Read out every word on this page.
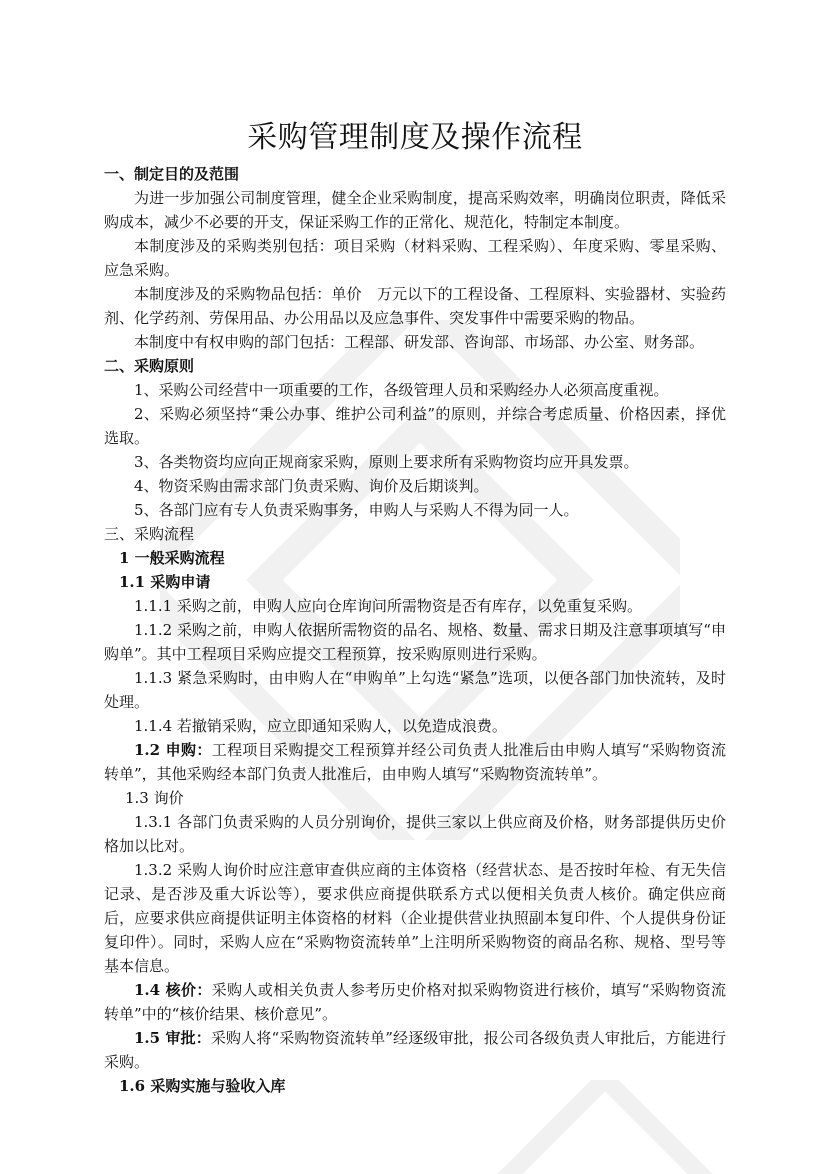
采购管理制度及操作流程

一、制定目的及范围

为进一步加强公司制度管理，健全企业采购制度，提高采购效率，明确岗位职责，降低采购成本，减少不必要的开支，保证采购工作的正常化、规范化，特制定本制度。

本制度涉及的采购类别包括：项目采购（材料采购、工程采购）、年度采购、零星采购、应急采购。

本制度涉及的采购物品包括：单价　万元以下的工程设备、工程原料、实验器材、实验药剂、化学药剂、劳保用品、办公用品以及应急事件、突发事件中需要采购的物品。

本制度中有权申购的部门包括：工程部、研发部、咨询部、市场部、办公室、财务部。

二、采购原则

1、采购公司经营中一项重要的工作，各级管理人员和采购经办人必须高度重视。

2、采购必须坚持“秉公办事、维护公司利益”的原则，并综合考虑质量、价格因素，择优选取。

3、各类物资均应向正规商家采购，原则上要求所有采购物资均应开具发票。

4、物资采购由需求部门负责采购、询价及后期谈判。

5、各部门应有专人负责采购事务，申购人与采购人不得为同一人。

三、采购流程

1 一般采购流程

1.1 采购申请

1.1.1 采购之前，申购人应向仓库询问所需物资是否有库存，以免重复采购。

1.1.2 采购之前，申购人依据所需物资的品名、规格、数量、需求日期及注意事项填写“申购单”。其中工程项目采购应提交工程预算，按采购原则进行采购。

1.1.3 紧急采购时，由申购人在“申购单”上勾选“紧急”选项，以便各部门加快流转，及时处理。

1.1.4 若撤销采购，应立即通知采购人，以免造成浪费。

1.2 申购：工程项目采购提交工程预算并经公司负责人批准后由申购人填写“采购物资流转单”，其他采购经本部门负责人批准后，由申购人填写“采购物资流转单”。

1.3 询价

1.3.1 各部门负责采购的人员分别询价，提供三家以上供应商及价格，财务部提供历史价格加以比对。

1.3.2 采购人询价时应注意审查供应商的主体资格（经营状态、是否按时年检、有无失信记录、是否涉及重大诉讼等），要求供应商提供联系方式以便相关负责人核价。确定供应商后，应要求供应商提供证明主体资格的材料（企业提供营业执照副本复印件、个人提供身份证复印件）。同时，采购人应在“采购物资流转单”上注明所采购物资的商品名称、规格、型号等基本信息。

1.4 核价：采购人或相关负责人参考历史价格对拟采购物资进行核价，填写“采购物资流转单”中的“核价结果、核价意见”。

1.5 审批：采购人将“采购物资流转单”经逐级审批，报公司各级负责人审批后，方能进行采购。

1.6 采购实施与验收入库
